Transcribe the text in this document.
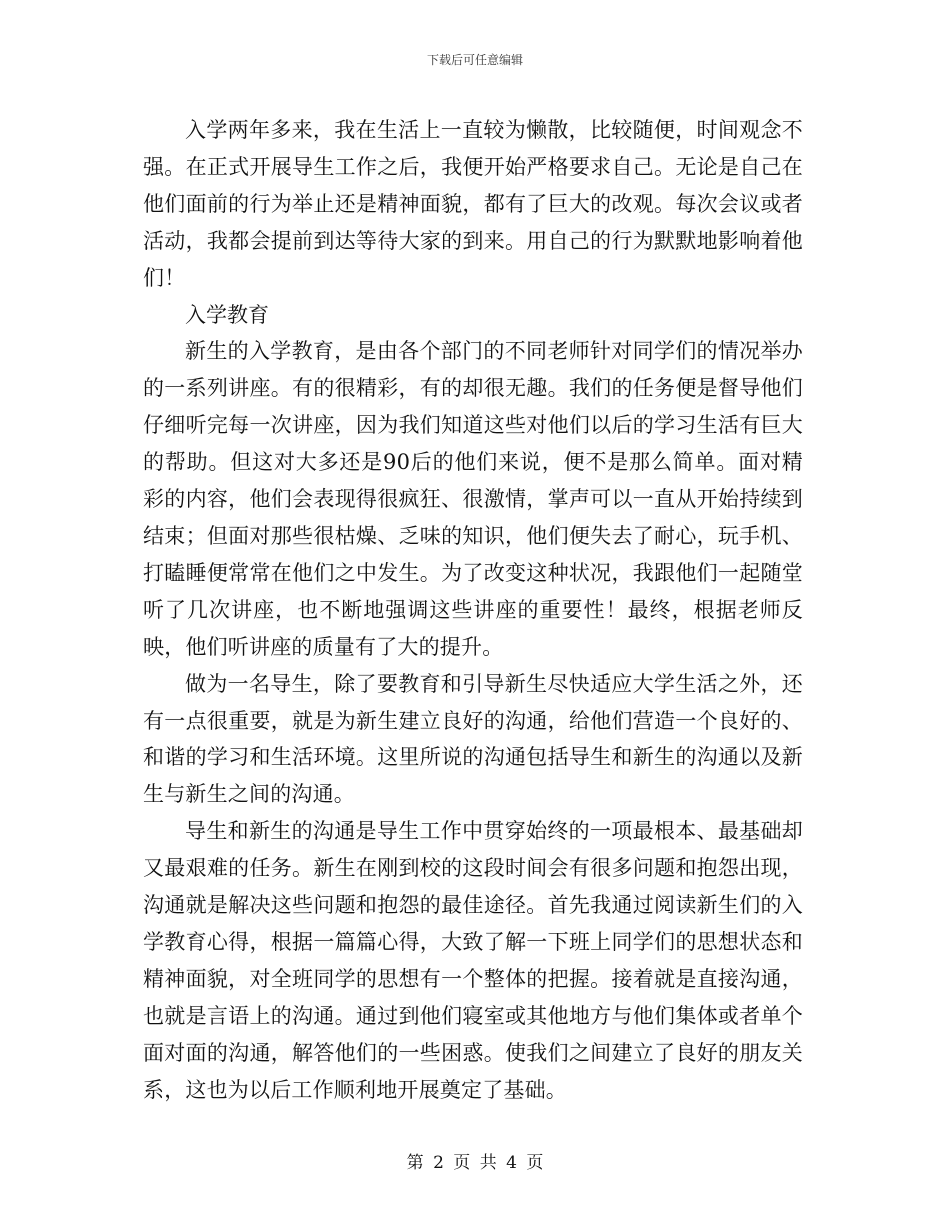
下载后可任意编辑

入学两年多来，我在生活上一直较为懒散，比较随便，时间观念不强。在正式开展导生工作之后，我便开始严格要求自己。无论是自己在他们面前的行为举止还是精神面貌，都有了巨大的改观。每次会议或者活动，我都会提前到达等待大家的到来。用自己的行为默默地影响着他们！

入学教育

新生的入学教育，是由各个部门的不同老师针对同学们的情况举办的一系列讲座。有的很精彩，有的却很无趣。我们的任务便是督导他们仔细听完每一次讲座，因为我们知道这些对他们以后的学习生活有巨大的帮助。但这对大多还是90后的他们来说，便不是那么简单。面对精彩的内容，他们会表现得很疯狂、很激情，掌声可以一直从开始持续到结束；但面对那些很枯燥、乏味的知识，他们便失去了耐心，玩手机、打瞌睡便常常在他们之中发生。为了改变这种状况，我跟他们一起随堂听了几次讲座，也不断地强调这些讲座的重要性！最终，根据老师反映，他们听讲座的质量有了大的提升。

做为一名导生，除了要教育和引导新生尽快适应大学生活之外，还有一点很重要，就是为新生建立良好的沟通，给他们营造一个良好的、和谐的学习和生活环境。这里所说的沟通包括导生和新生的沟通以及新生与新生之间的沟通。

导生和新生的沟通是导生工作中贯穿始终的一项最根本、最基础却又最艰难的任务。新生在刚到校的这段时间会有很多问题和抱怨出现，沟通就是解决这些问题和抱怨的最佳途径。首先我通过阅读新生们的入学教育心得，根据一篇篇心得，大致了解一下班上同学们的思想状态和精神面貌，对全班同学的思想有一个整体的把握。接着就是直接沟通，也就是言语上的沟通。通过到他们寝室或其他地方与他们集体或者单个面对面的沟通，解答他们的一些困惑。使我们之间建立了良好的朋友关系，这也为以后工作顺利地开展奠定了基础。

第 2 页 共 4 页
